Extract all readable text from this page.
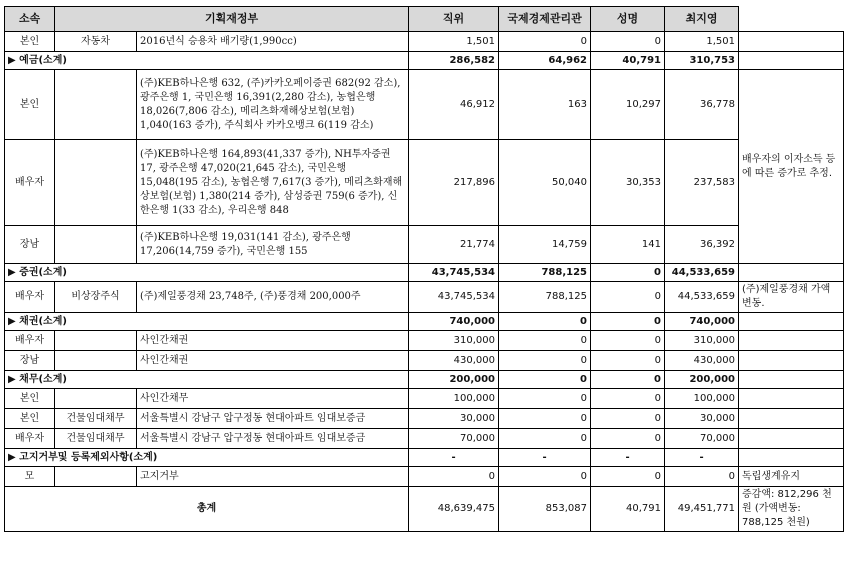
소속	기획재정부		직위	국제경제관리관	성명	최지영	
본인	자동차	2016년식 승용차 배기량(1,990cc)	1,501	0	0	1,501	
▶ 예금(소계)			286,582	64,962	40,791	310,753	
본인		(주)KEB하나은행 632, (주)카카오페이증권 682(92 감소), 광주은행 1, 국민은행 16,391(2,280 감소), 농협은행 18,026(7,806 감소), 메리츠화재해상보험(보험) 1,040(163 증가), 주식회사 카카오뱅크 6(119 감소)	46,912	163	10,297	36,778	배우자의 이자소득 등에 따른 증가로 추정.
배우자		(주)KEB하나은행 164,893(41,337 증가), NH투자증권 17, 광주은행 47,020(21,645 감소), 국민은행 15,048(195 감소), 농협은행 7,617(3 증가), 메리츠화재해상보험(보험) 1,380(214 증가), 삼성증권 759(6 증가), 신한은행 1(33 감소), 우리은행 848	217,896	50,040	30,353	237,583	
장남		(주)KEB하나은행 19,031(141 감소), 광주은행 17,206(14,759 증가), 국민은행 155	21,774	14,759	141	36,392	
▶ 증권(소계)			43,745,534	788,125	0	44,533,659	
배우자	비상장주식	(주)제일풍경채 23,748주, (주)풍경채 200,000주	43,745,534	788,125	0	44,533,659	(주)제일풍경채 가액 변동.
▶ 채권(소계)			740,000	0	0	740,000	
배우자		사인간채권	310,000	0	0	310,000	
장남		사인간채권	430,000	0	0	430,000	
▶ 채무(소계)			200,000	0	0	200,000	
본인		사인간채무	100,000	0	0	100,000	
본인	건물임대채무	서울특별시 강남구 압구정동 현대아파트 임대보증금	30,000	0	0	30,000	
배우자	건물임대채무	서울특별시 강남구 압구정동 현대아파트 임대보증금	70,000	0	0	70,000	
▶ 고지거부및 등록제외사항(소계)			-	-	-	-	
모		고지거부	0	0	0	0	독립생계유지
총계			48,639,475	853,087	40,791	49,451,771	증감액: 812,296 천원 (가액변동: 788,125 천원)
